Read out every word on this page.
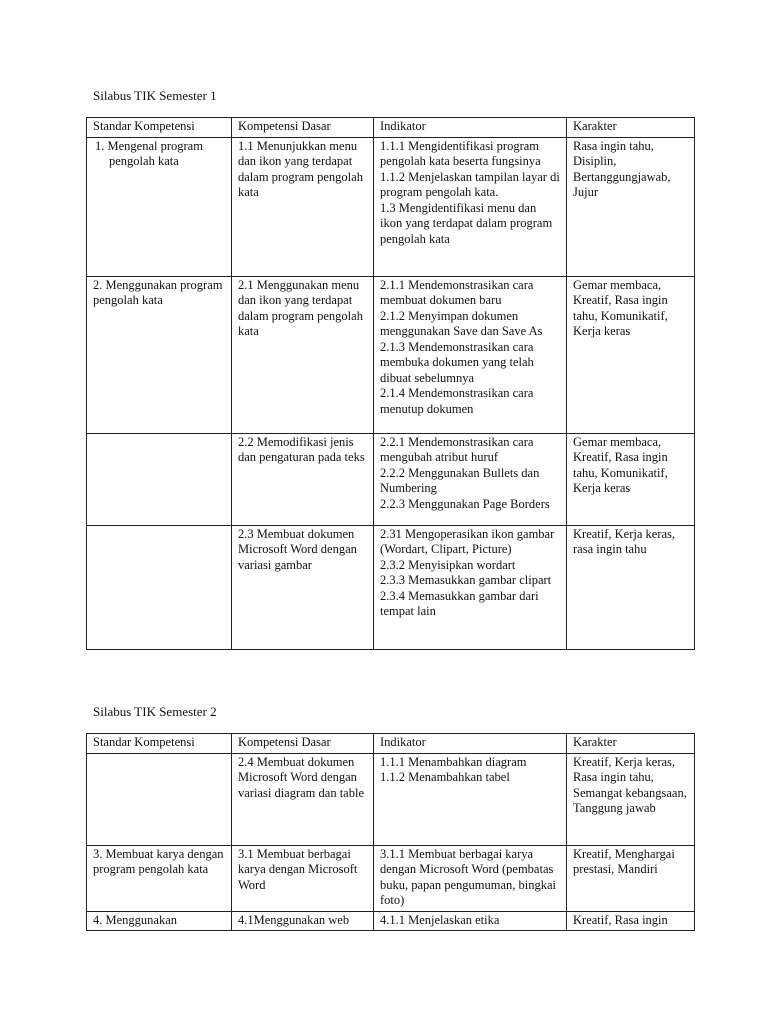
Silabus TIK Semester 1
Standar Kompetensi	Kompetensi Dasar	Indikator	Karakter

1. Mengenal program pengolah kata	1.1 Menunjukkan menu dan ikon yang terdapat dalam program pengolah kata	1.1.1 Mengidentifikasi program pengolah kata beserta fungsinya
1.1.2 Menjelaskan tampilan layar di program pengolah kata.
1.3 Mengidentifikasi menu dan ikon yang terdapat dalam program pengolah kata	Rasa ingin tahu, Disiplin, Bertanggungjawab, Jujur
2. Menggunakan program pengolah kata	2.1 Menggunakan menu dan ikon yang terdapat dalam program pengolah kata	2.1.1 Mendemonstrasikan cara membuat dokumen baru
2.1.2 Menyimpan dokumen menggunakan Save dan Save As
2.1.3 Mendemonstrasikan cara membuka dokumen yang telah dibuat sebelumnya
2.1.4 Mendemonstrasikan cara menutup dokumen	Gemar membaca, Kreatif, Rasa ingin tahu, Komunikatif, Kerja keras
	2.2 Memodifikasi jenis dan pengaturan pada teks	2.2.1 Mendemonstrasikan cara mengubah atribut huruf
2.2.2 Menggunakan Bullets dan Numbering
2.2.3 Menggunakan Page Borders	Gemar membaca, Kreatif, Rasa ingin tahu, Komunikatif, Kerja keras
	2.3 Membuat dokumen Microsoft Word dengan variasi gambar	2.31 Mengoperasikan ikon gambar (Wordart, Clipart, Picture)
2.3.2 Menyisipkan wordart
2.3.3 Memasukkan gambar clipart
2.3.4 Memasukkan gambar dari tempat lain	Kreatif, Kerja keras, rasa ingin tahu
Silabus TIK Semester 2
Standar Kompetensi	Kompetensi Dasar	Indikator	Karakter
	2.4 Membuat dokumen Microsoft Word dengan variasi diagram dan table	1.1.1 Menambahkan diagram
1.1.2 Menambahkan tabel	Kreatif, Kerja keras, Rasa ingin tahu, Semangat kebangsaan, Tanggung jawab
3. Membuat karya dengan program pengolah kata	3.1 Membuat berbagai karya dengan Microsoft Word	3.1.1 Membuat berbagai karya dengan Microsoft Word (pembatas buku, papan pengumuman, bingkai foto)	Kreatif, Menghargai prestasi, Mandiri
4. Menggunakan	4.1Menggunakan web	4.1.1 Menjelaskan etika	Kreatif, Rasa ingin
